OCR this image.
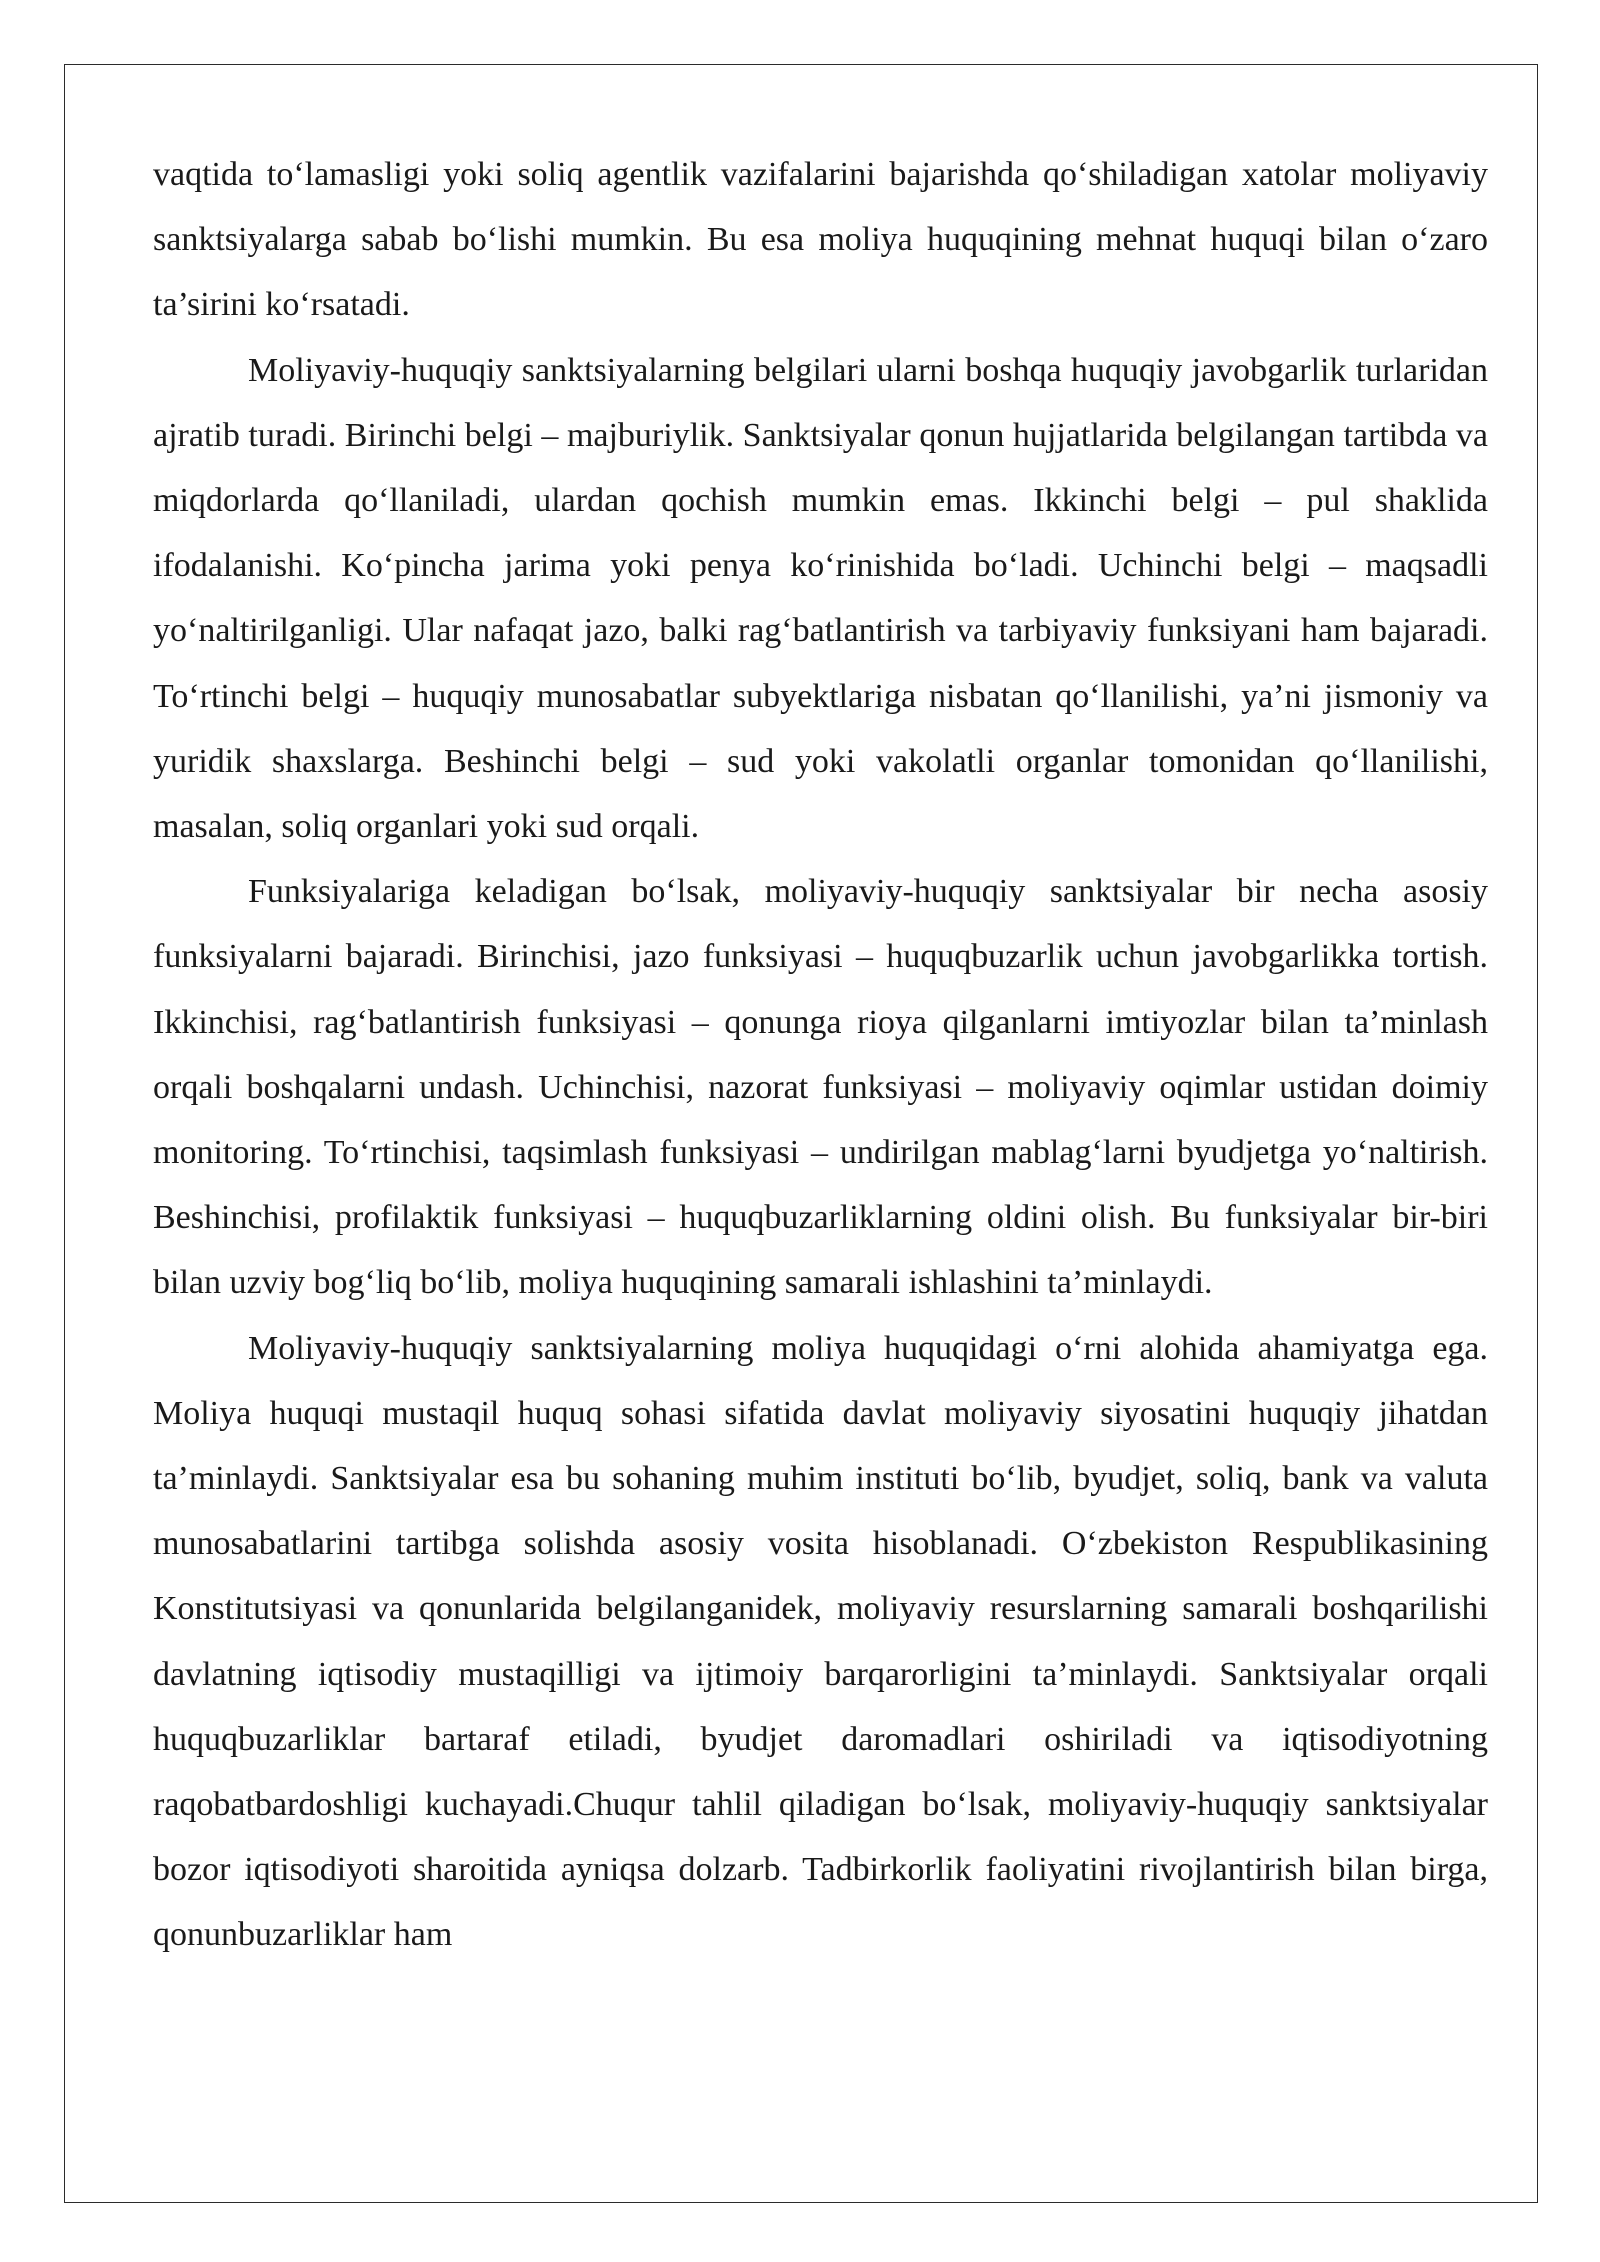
vaqtida to‘lamasligi yoki soliq agentlik vazifalarini bajarishda qo‘shiladigan xatolar moliyaviy sanktsiyalarga sabab bo‘lishi mumkin. Bu esa moliya huquqining mehnat huquqi bilan o‘zaro ta’sirini ko‘rsatadi.

Moliyaviy-huquqiy sanktsiyalarning belgilari ularni boshqa huquqiy javobgarlik turlaridan ajratib turadi. Birinchi belgi – majburiylik. Sanktsiyalar qonun hujjatlarida belgilangan tartibda va miqdorlarda qo‘llaniladi, ulardan qochish mumkin emas. Ikkinchi belgi – pul shaklida ifodalanishi. Ko‘pincha jarima yoki penya ko‘rinishida bo‘ladi. Uchinchi belgi – maqsadli yo‘naltirilganligi. Ular nafaqat jazo, balki rag‘batlantirish va tarbiyaviy funksiyani ham bajaradi. To‘rtinchi belgi – huquqiy munosabatlar subyektlariga nisbatan qo‘llanilishi, ya’ni jismoniy va yuridik shaxslarga. Beshinchi belgi – sud yoki vakolatli organlar tomonidan qo‘llanilishi, masalan, soliq organlari yoki sud orqali.

Funksiyalariga keladigan bo‘lsak, moliyaviy-huquqiy sanktsiyalar bir necha asosiy funksiyalarni bajaradi. Birinchisi, jazo funksiyasi – huquqbuzarlik uchun javobgarlikka tortish. Ikkinchisi, rag‘batlantirish funksiyasi – qonunga rioya qilganlarni imtiyozlar bilan ta’minlash orqali boshqalarni undash. Uchinchisi, nazorat funksiyasi – moliyaviy oqimlar ustidan doimiy monitoring. To‘rtinchisi, taqsimlash funksiyasi – undirilgan mablag‘larni byudjetga yo‘naltirish. Beshinchisi, profilaktik funksiyasi – huquqbuzarliklarning oldini olish. Bu funksiyalar bir-biri bilan uzviy bog‘liq bo‘lib, moliya huquqining samarali ishlashini ta’minlaydi.

Moliyaviy-huquqiy sanktsiyalarning moliya huquqidagi o‘rni alohida ahamiyatga ega. Moliya huquqi mustaqil huquq sohasi sifatida davlat moliyaviy siyosatini huquqiy jihatdan ta’minlaydi. Sanktsiyalar esa bu sohaning muhim instituti bo‘lib, byudjet, soliq, bank va valuta munosabatlarini tartibga solishda asosiy vosita hisoblanadi. O‘zbekiston Respublikasining Konstitutsiyasi va qonunlarida belgilanganidek, moliyaviy resurslarning samarali boshqarilishi davlatning iqtisodiy mustaqilligi va ijtimoiy barqarorligini ta’minlaydi. Sanktsiyalar orqali huquqbuzarliklar bartaraf etiladi, byudjet daromadlari oshiriladi va iqtisodiyotning raqobatbardoshligi kuchayadi.Chuqur tahlil qiladigan bo‘lsak, moliyaviy-huquqiy sanktsiyalar bozor iqtisodiyoti sharoitida ayniqsa dolzarb. Tadbirkorlik faoliyatini rivojlantirish bilan birga, qonunbuzarliklar ham
